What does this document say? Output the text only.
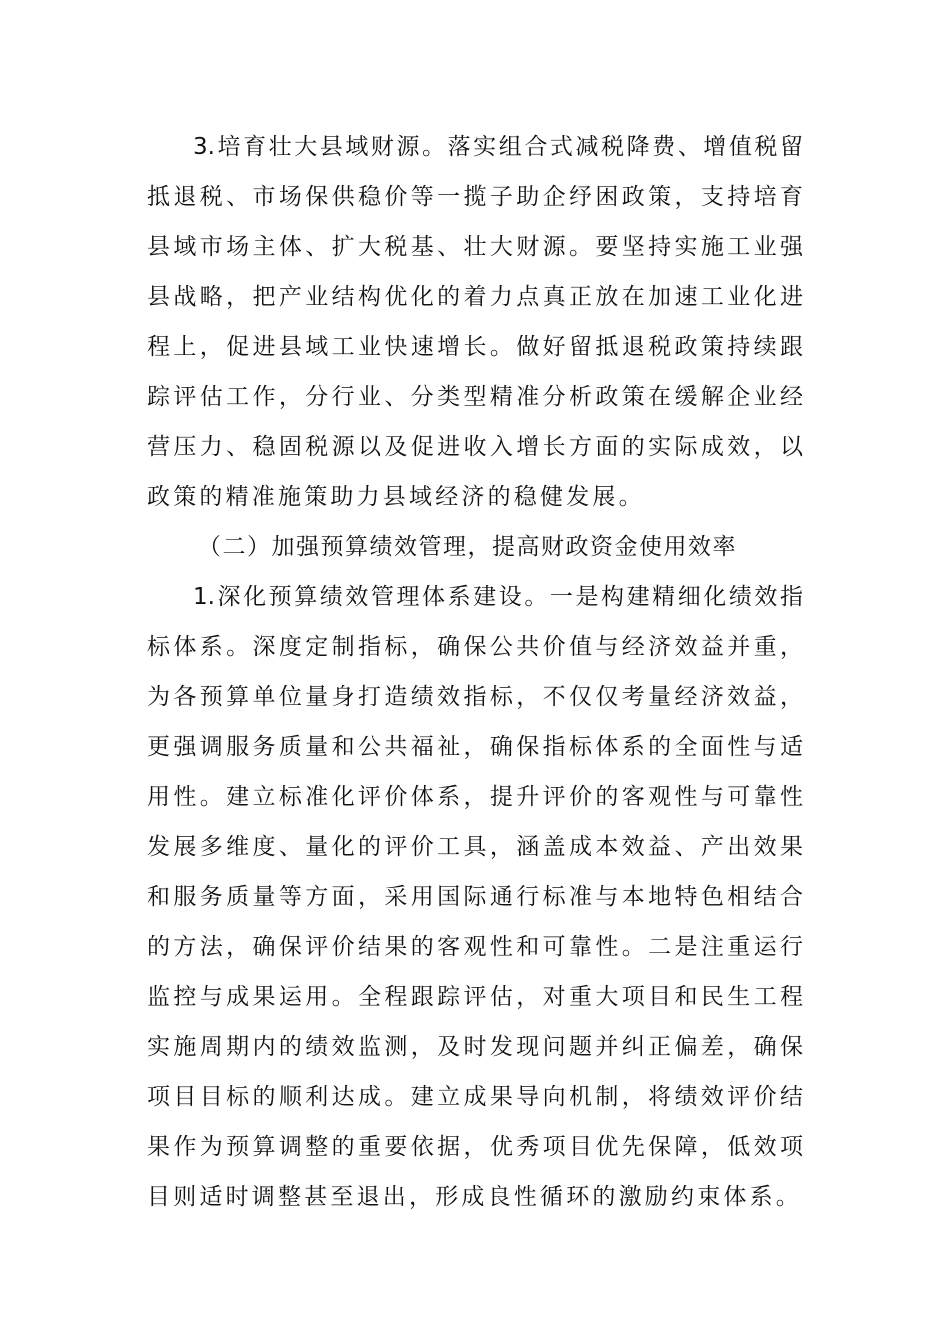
3.培育壮大县域财源。落实组合式减税降费、增值税留
抵退税、市场保供稳价等一揽子助企纾困政策，支持培育
县域市场主体、扩大税基、壮大财源。要坚持实施工业强
县战略，把产业结构优化的着力点真正放在加速工业化进
程上，促进县域工业快速增长。做好留抵退税政策持续跟
踪评估工作，分行业、分类型精准分析政策在缓解企业经
营压力、稳固税源以及促进收入增长方面的实际成效，以
政策的精准施策助力县域经济的稳健发展。
（二）加强预算绩效管理，提高财政资金使用效率
1.深化预算绩效管理体系建设。一是构建精细化绩效指
标体系。深度定制指标，确保公共价值与经济效益并重，
为各预算单位量身打造绩效指标，不仅仅考量经济效益，
更强调服务质量和公共福祉，确保指标体系的全面性与适
用性。建立标准化评价体系，提升评价的客观性与可靠性
发展多维度、量化的评价工具，涵盖成本效益、产出效果
和服务质量等方面，采用国际通行标准与本地特色相结合
的方法，确保评价结果的客观性和可靠性。二是注重运行
监控与成果运用。全程跟踪评估，对重大项目和民生工程
实施周期内的绩效监测，及时发现问题并纠正偏差，确保
项目目标的顺利达成。建立成果导向机制，将绩效评价结
果作为预算调整的重要依据，优秀项目优先保障，低效项
目则适时调整甚至退出，形成良性循环的激励约束体系。
